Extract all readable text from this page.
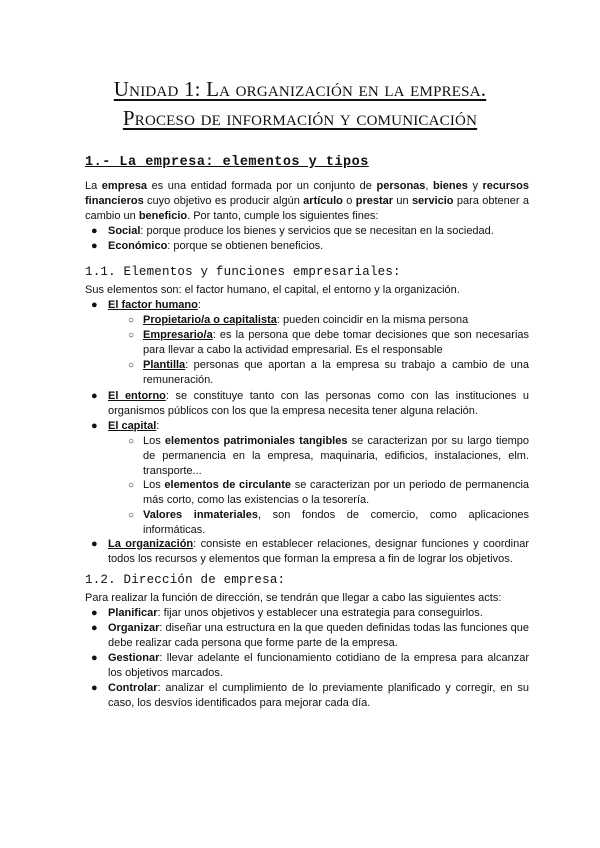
Unidad 1: La organización en la empresa.
Proceso de información y comunicación
1.- La empresa: elementos y tipos
La empresa es una entidad formada por un conjunto de personas, bienes y recursos financieros cuyo objetivo es producir algún artículo o prestar un servicio para obtener a cambio un beneficio. Por tanto, cumple los siguientes fines:
● Social: porque produce los bienes y servicios que se necesitan en la sociedad.
● Económico: porque se obtienen beneficios.
1.1. Elementos y funciones empresariales:
Sus elementos son: el factor humano, el capital, el entorno y la organización.
● El factor humano:
○ Propietario/a o capitalista: pueden coincidir en la misma persona
○ Empresario/a: es la persona que debe tomar decisiones que son necesarias para llevar a cabo la actividad empresarial. Es el responsable
○ Plantilla: personas que aportan a la empresa su trabajo a cambio de una remuneración.
● El entorno: se constituye tanto con las personas como con las instituciones u organismos públicos con los que la empresa necesita tener alguna relación.
● El capital:
○ Los elementos patrimoniales tangibles se caracterizan por su largo tiempo de permanencia en la empresa, maquinaria, edificios, instalaciones, elm. transporte...
○ Los elementos de circulante se caracterizan por un periodo de permanencia más corto, como las existencias o la tesorería.
○ Valores inmateriales, son fondos de comercio, como aplicaciones informáticas.
● La organización: consiste en establecer relaciones, designar funciones y coordinar todos los recursos y elementos que forman la empresa a fin de lograr los objetivos.
1.2. Dirección de empresa:
Para realizar la función de dirección, se tendrán que llegar a cabo las siguientes acts:
● Planificar: fijar unos objetivos y establecer una estrategia para conseguirlos.
● Organizar: diseñar una estructura en la que queden definidas todas las funciones que debe realizar cada persona que forme parte de la empresa.
● Gestionar: llevar adelante el funcionamiento cotidiano de la empresa para alcanzar los objetivos marcados.
● Controlar: analizar el cumplimiento de lo previamente planificado y corregir, en su caso, los desvíos identificados para mejorar cada día.
